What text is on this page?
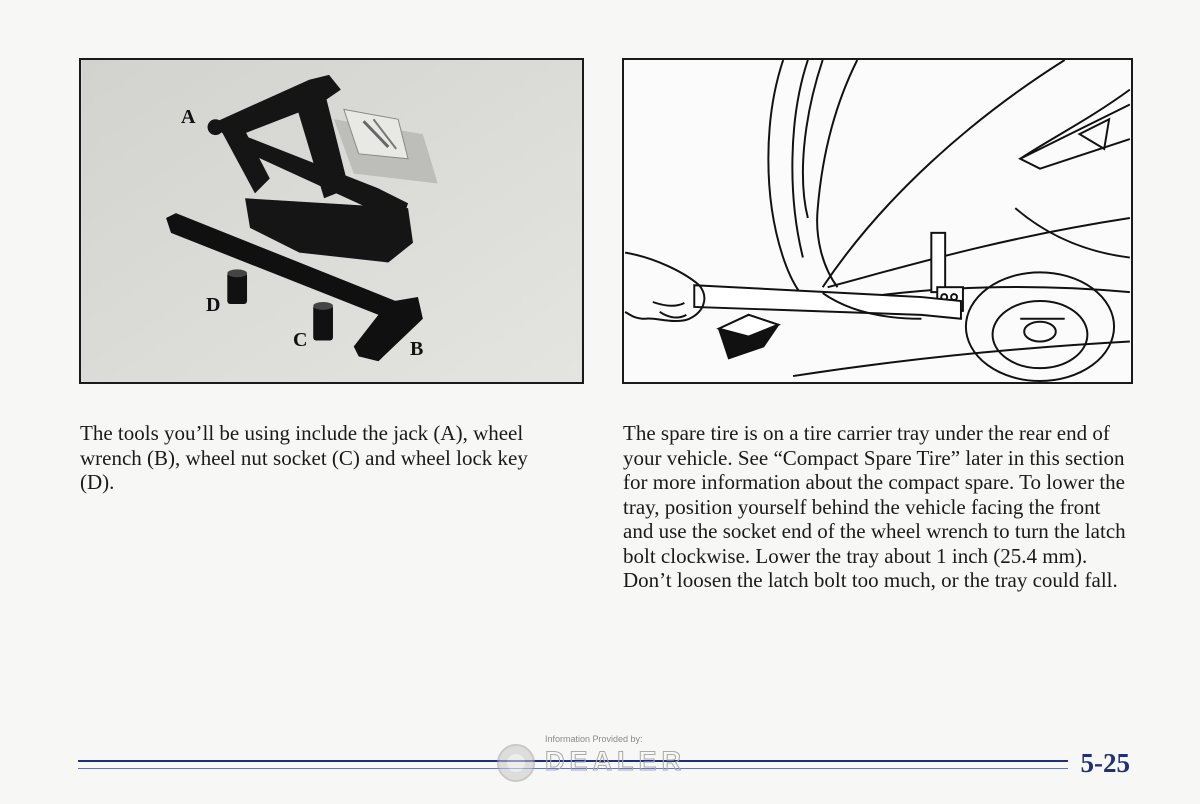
A
B
C
D

The tools you’ll be using include the jack (A), wheel wrench (B), wheel nut socket (C) and wheel lock key (D).

The spare tire is on a tire carrier tray under the rear end of your vehicle. See “Compact Spare Tire” later in this section for more information about the compact spare. To lower the tray, position yourself behind the vehicle facing the front and use the socket end of the wheel wrench to turn the latch bolt clockwise. Lower the tray about 1 inch (25.4 mm). Don’t loosen the latch bolt too much, or the tray could fall.

Information Provided by:
DEALER	5-25
